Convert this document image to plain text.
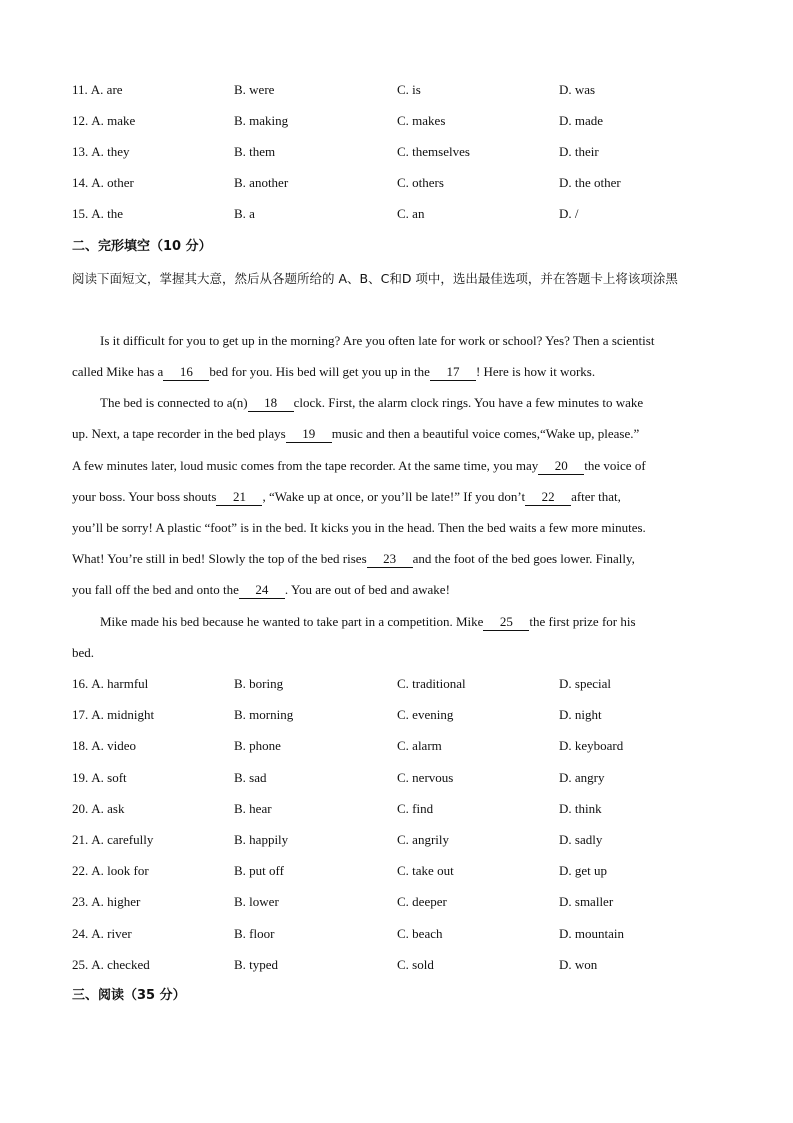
11. A. are	B. were	C. is	D. was
12. A. make	B. making	C. makes	D. made
13. A. they	B. them	C. themselves	D. their
14. A. other	B. another	C. others	D. the other
15. A. the	B. a	C. an	D. /
二、完形填空（10 分）
阅读下面短文，掌握其大意，然后从各题所给的 A、B、C和D 项中，选出最佳选项，并在答题卡上将该项涂黑
Is it difficult for you to get up in the morning? Are you often late for work or school? Yes? Then a scientist
called Mike has a 16 bed for you. His bed will get you up in the 17 ! Here is how it works.
The bed is connected to a(n) 18 clock. First, the alarm clock rings. You have a few minutes to wake
up. Next, a tape recorder in the bed plays 19 music and then a beautiful voice comes,“Wake up, please.”
A few minutes later, loud music comes from the tape recorder. At the same time, you may 20 the voice of
your boss. Your boss shouts 21 , “Wake up at once, or you’ll be late!” If you don’t 22 after that,
you’ll be sorry! A plastic “foot” is in the bed. It kicks you in the head. Then the bed waits a few more minutes.
What! You’re still in bed! Slowly the top of the bed rises 23 and the foot of the bed goes lower. Finally,
you fall off the bed and onto the 24 . You are out of bed and awake!
Mike made his bed because he wanted to take part in a competition. Mike 25 the first prize for his
bed.
16. A. harmful	B. boring	C. traditional	D. special
17. A. midnight	B. morning	C. evening	D. night
18. A. video	B. phone	C. alarm	D. keyboard
19. A. soft	B. sad	C. nervous	D. angry
20. A. ask	B. hear	C. find	D. think
21. A. carefully	B. happily	C. angrily	D. sadly
22. A. look for	B. put off	C. take out	D. get up
23. A. higher	B. lower	C. deeper	D. smaller
24. A. river	B. floor	C. beach	D. mountain
25. A. checked	B. typed	C. sold	D. won
三、阅读（35 分）
